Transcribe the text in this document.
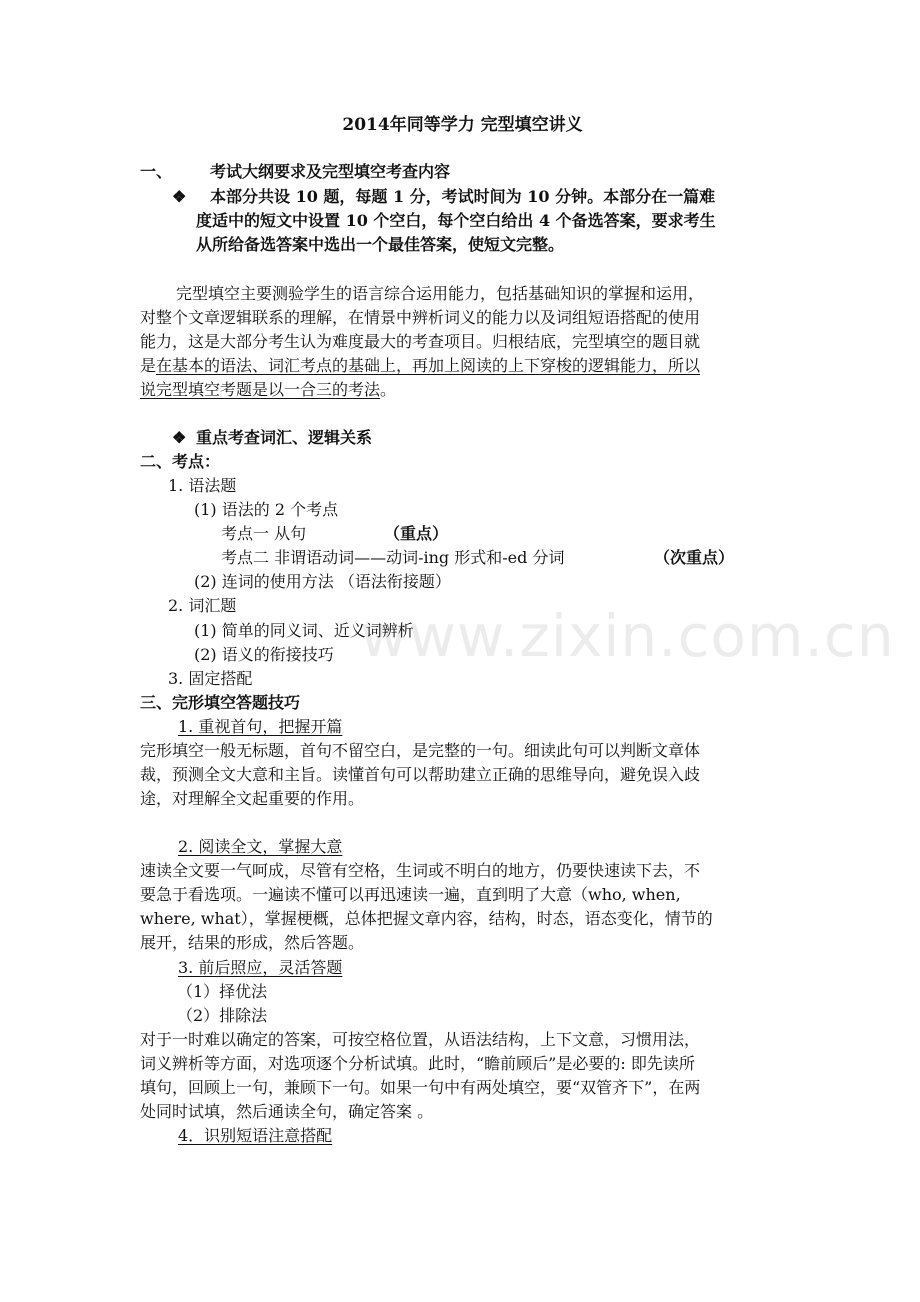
www.zixin.com.cn
2014年同等学力 完型填空讲义
一、 考试大纲要求及完型填空考查内容
❖ 本部分共设 10 题，每题 1 分，考试时间为 10 分钟。本部分在一篇难
度适中的短文中设置 10 个空白，每个空白给出 4 个备选答案，要求考生
从所给备选答案中选出一个最佳答案，使短文完整。
完型填空主要测验学生的语言综合运用能力，包括基础知识的掌握和运用，
对整个文章逻辑联系的理解，在情景中辨析词义的能力以及词组短语搭配的使用
能力，这是大部分考生认为难度最大的考查项目。归根结底，完型填空的题目就
是在基本的语法、词汇考点的基础上，再加上阅读的上下穿梭的逻辑能力，所以
说完型填空考题是以一合三的考法。
❖ 重点考查词汇、逻辑关系
二、考点：
1. 语法题
(1) 语法的 2 个考点
考点一 从句	（重点）
考点二 非谓语动词——动词-ing 形式和-ed 分词	（次重点）
(2) 连词的使用方法 （语法衔接题）
2. 词汇题
(1) 简单的同义词、近义词辨析
(2) 语义的衔接技巧
3. 固定搭配
三、完形填空答题技巧
1. 重视首句，把握开篇
完形填空一般无标题，首句不留空白，是完整的一句。细读此句可以判断文章体
裁，预测全文大意和主旨。读懂首句可以帮助建立正确的思维导向，避免误入歧
途，对理解全文起重要的作用。
2. 阅读全文，掌握大意
速读全文要一气呵成，尽管有空格，生词或不明白的地方，仍要快速读下去，不
要急于看选项。一遍读不懂可以再迅速读一遍，直到明了大意（who, when,
where, what），掌握梗概，总体把握文章内容，结构，时态，语态变化，情节的
展开，结果的形成，然后答题。
3. 前后照应，灵活答题
（1）择优法
（2）排除法
对于一时难以确定的答案，可按空格位置，从语法结构，上下文意，习惯用法，
词义辨析等方面，对选项逐个分析试填。此时，“瞻前顾后”是必要的: 即先读所
填句，回顾上一句，兼顾下一句。如果一句中有两处填空，要“双管齐下”，在两
处同时试填，然后通读全句，确定答案 。
4．识别短语注意搭配
